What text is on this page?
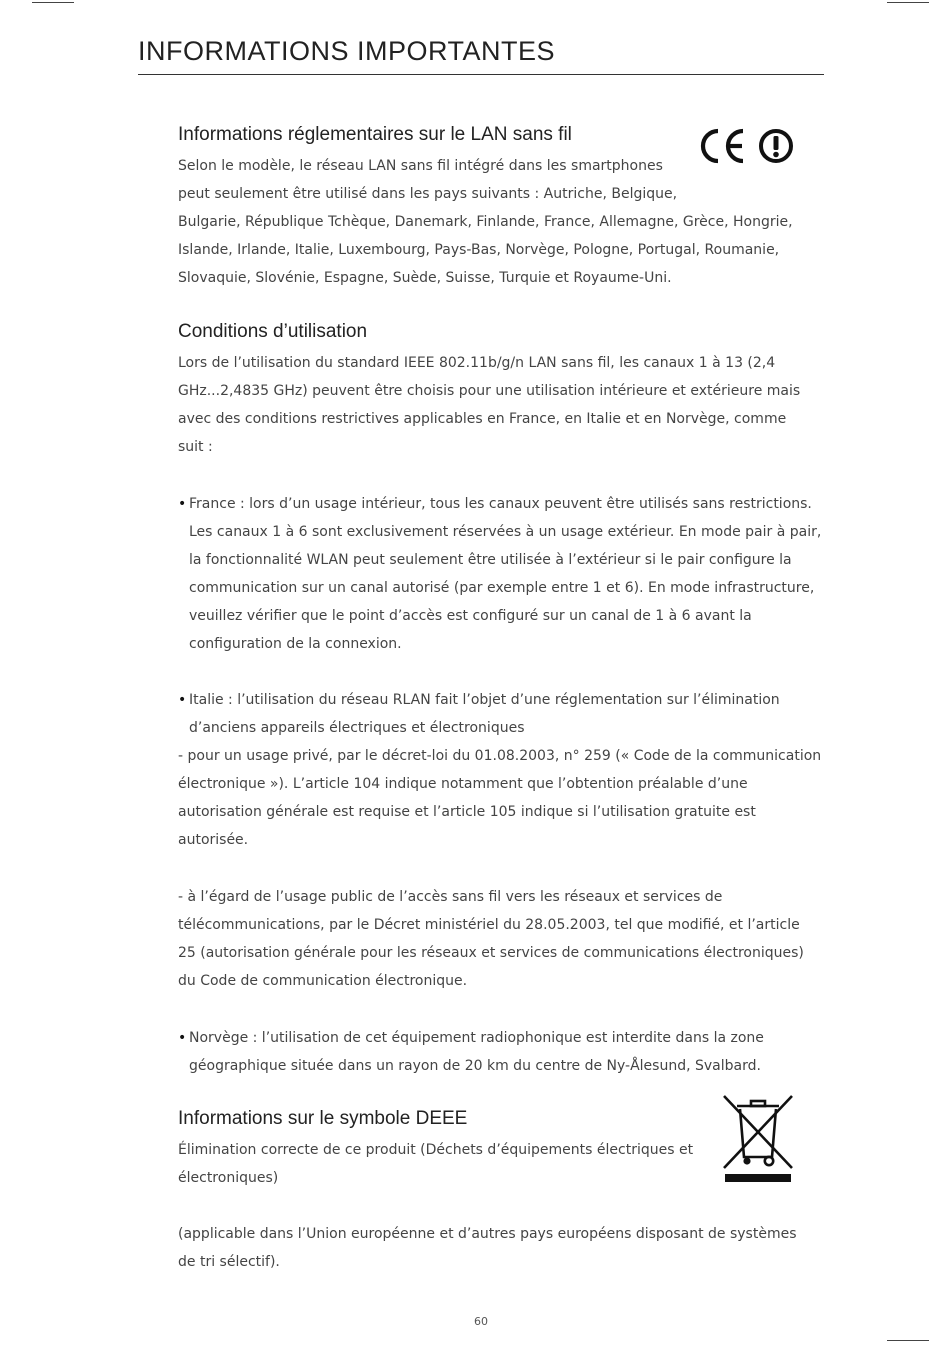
INFORMATIONS IMPORTANTES
Informations réglementaires sur le LAN sans fil
Selon le modèle, le réseau LAN sans fil intégré dans les smartphones
peut seulement être utilisé dans les pays suivants : Autriche, Belgique,
Bulgarie, République Tchèque, Danemark, Finlande, France, Allemagne, Grèce, Hongrie,
Islande, Irlande, Italie, Luxembourg, Pays-Bas, Norvège, Pologne, Portugal, Roumanie,
Slovaquie, Slovénie, Espagne, Suède, Suisse, Turquie et Royaume-Uni.
Conditions d’utilisation
Lors de l’utilisation du standard IEEE 802.11b/g/n LAN sans fil, les canaux 1 à 13 (2,4
GHz...2,4835 GHz) peuvent être choisis pour une utilisation intérieure et extérieure mais
avec des conditions restrictives applicables en France, en Italie et en Norvège, comme
suit :
• France : lors d’un usage intérieur, tous les canaux peuvent être utilisés sans restrictions.
Les canaux 1 à 6 sont exclusivement réservées à un usage extérieur. En mode pair à pair,
la fonctionnalité WLAN peut seulement être utilisée à l’extérieur si le pair configure la
communication sur un canal autorisé (par exemple entre 1 et 6). En mode infrastructure,
veuillez vérifier que le point d’accès est configuré sur un canal de 1 à 6 avant la
configuration de la connexion.
• Italie : l’utilisation du réseau RLAN fait l’objet d’une réglementation sur l’élimination
d’anciens appareils électriques et électroniques
- pour un usage privé, par le décret-loi du 01.08.2003, n° 259 (« Code de la communication
électronique »). L’article 104 indique notamment que l’obtention préalable d’une
autorisation générale est requise et l’article 105 indique si l’utilisation gratuite est
autorisée.
- à l’égard de l’usage public de l’accès sans fil vers les réseaux et services de
télécommunications, par le Décret ministériel du 28.05.2003, tel que modifié, et l’article
25 (autorisation générale pour les réseaux et services de communications électroniques)
du Code de communication électronique.
• Norvège : l’utilisation de cet équipement radiophonique est interdite dans la zone
géographique située dans un rayon de 20 km du centre de Ny-Ålesund, Svalbard.
Informations sur le symbole DEEE
Élimination correcte de ce produit (Déchets d’équipements électriques et
électroniques)
(applicable dans l’Union européenne et d’autres pays européens disposant de systèmes
de tri sélectif).
60
